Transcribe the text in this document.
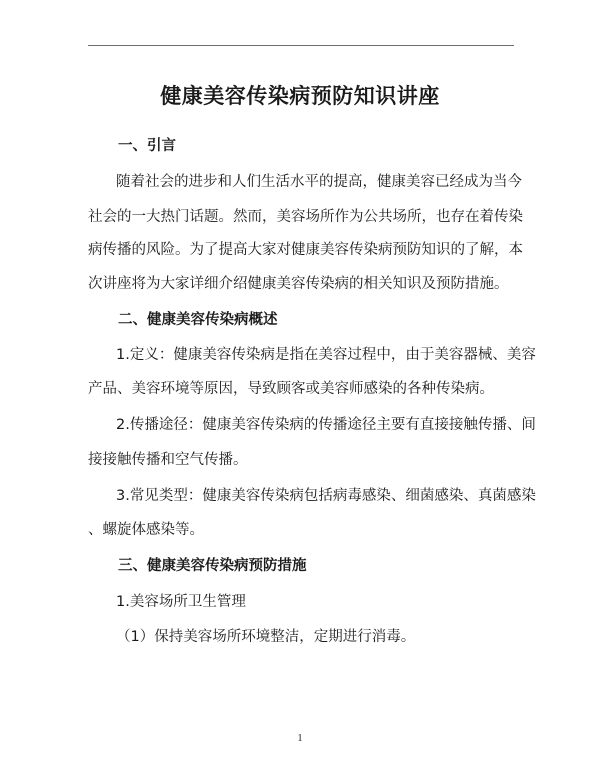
健康美容传染病预防知识讲座
一、引言
随着社会的进步和人们生活水平的提高，健康美容已经成为当今
社会的一大热门话题。然而，美容场所作为公共场所，也存在着传染
病传播的风险。为了提高大家对健康美容传染病预防知识的了解，本
次讲座将为大家详细介绍健康美容传染病的相关知识及预防措施。
二、健康美容传染病概述
1.定义：健康美容传染病是指在美容过程中，由于美容器械、美容
产品、美容环境等原因，导致顾客或美容师感染的各种传染病。
2.传播途径：健康美容传染病的传播途径主要有直接接触传播、间
接接触传播和空气传播。
3.常见类型：健康美容传染病包括病毒感染、细菌感染、真菌感染
、螺旋体感染等。
三、健康美容传染病预防措施
1.美容场所卫生管理
（1）保持美容场所环境整洁，定期进行消毒。
1
